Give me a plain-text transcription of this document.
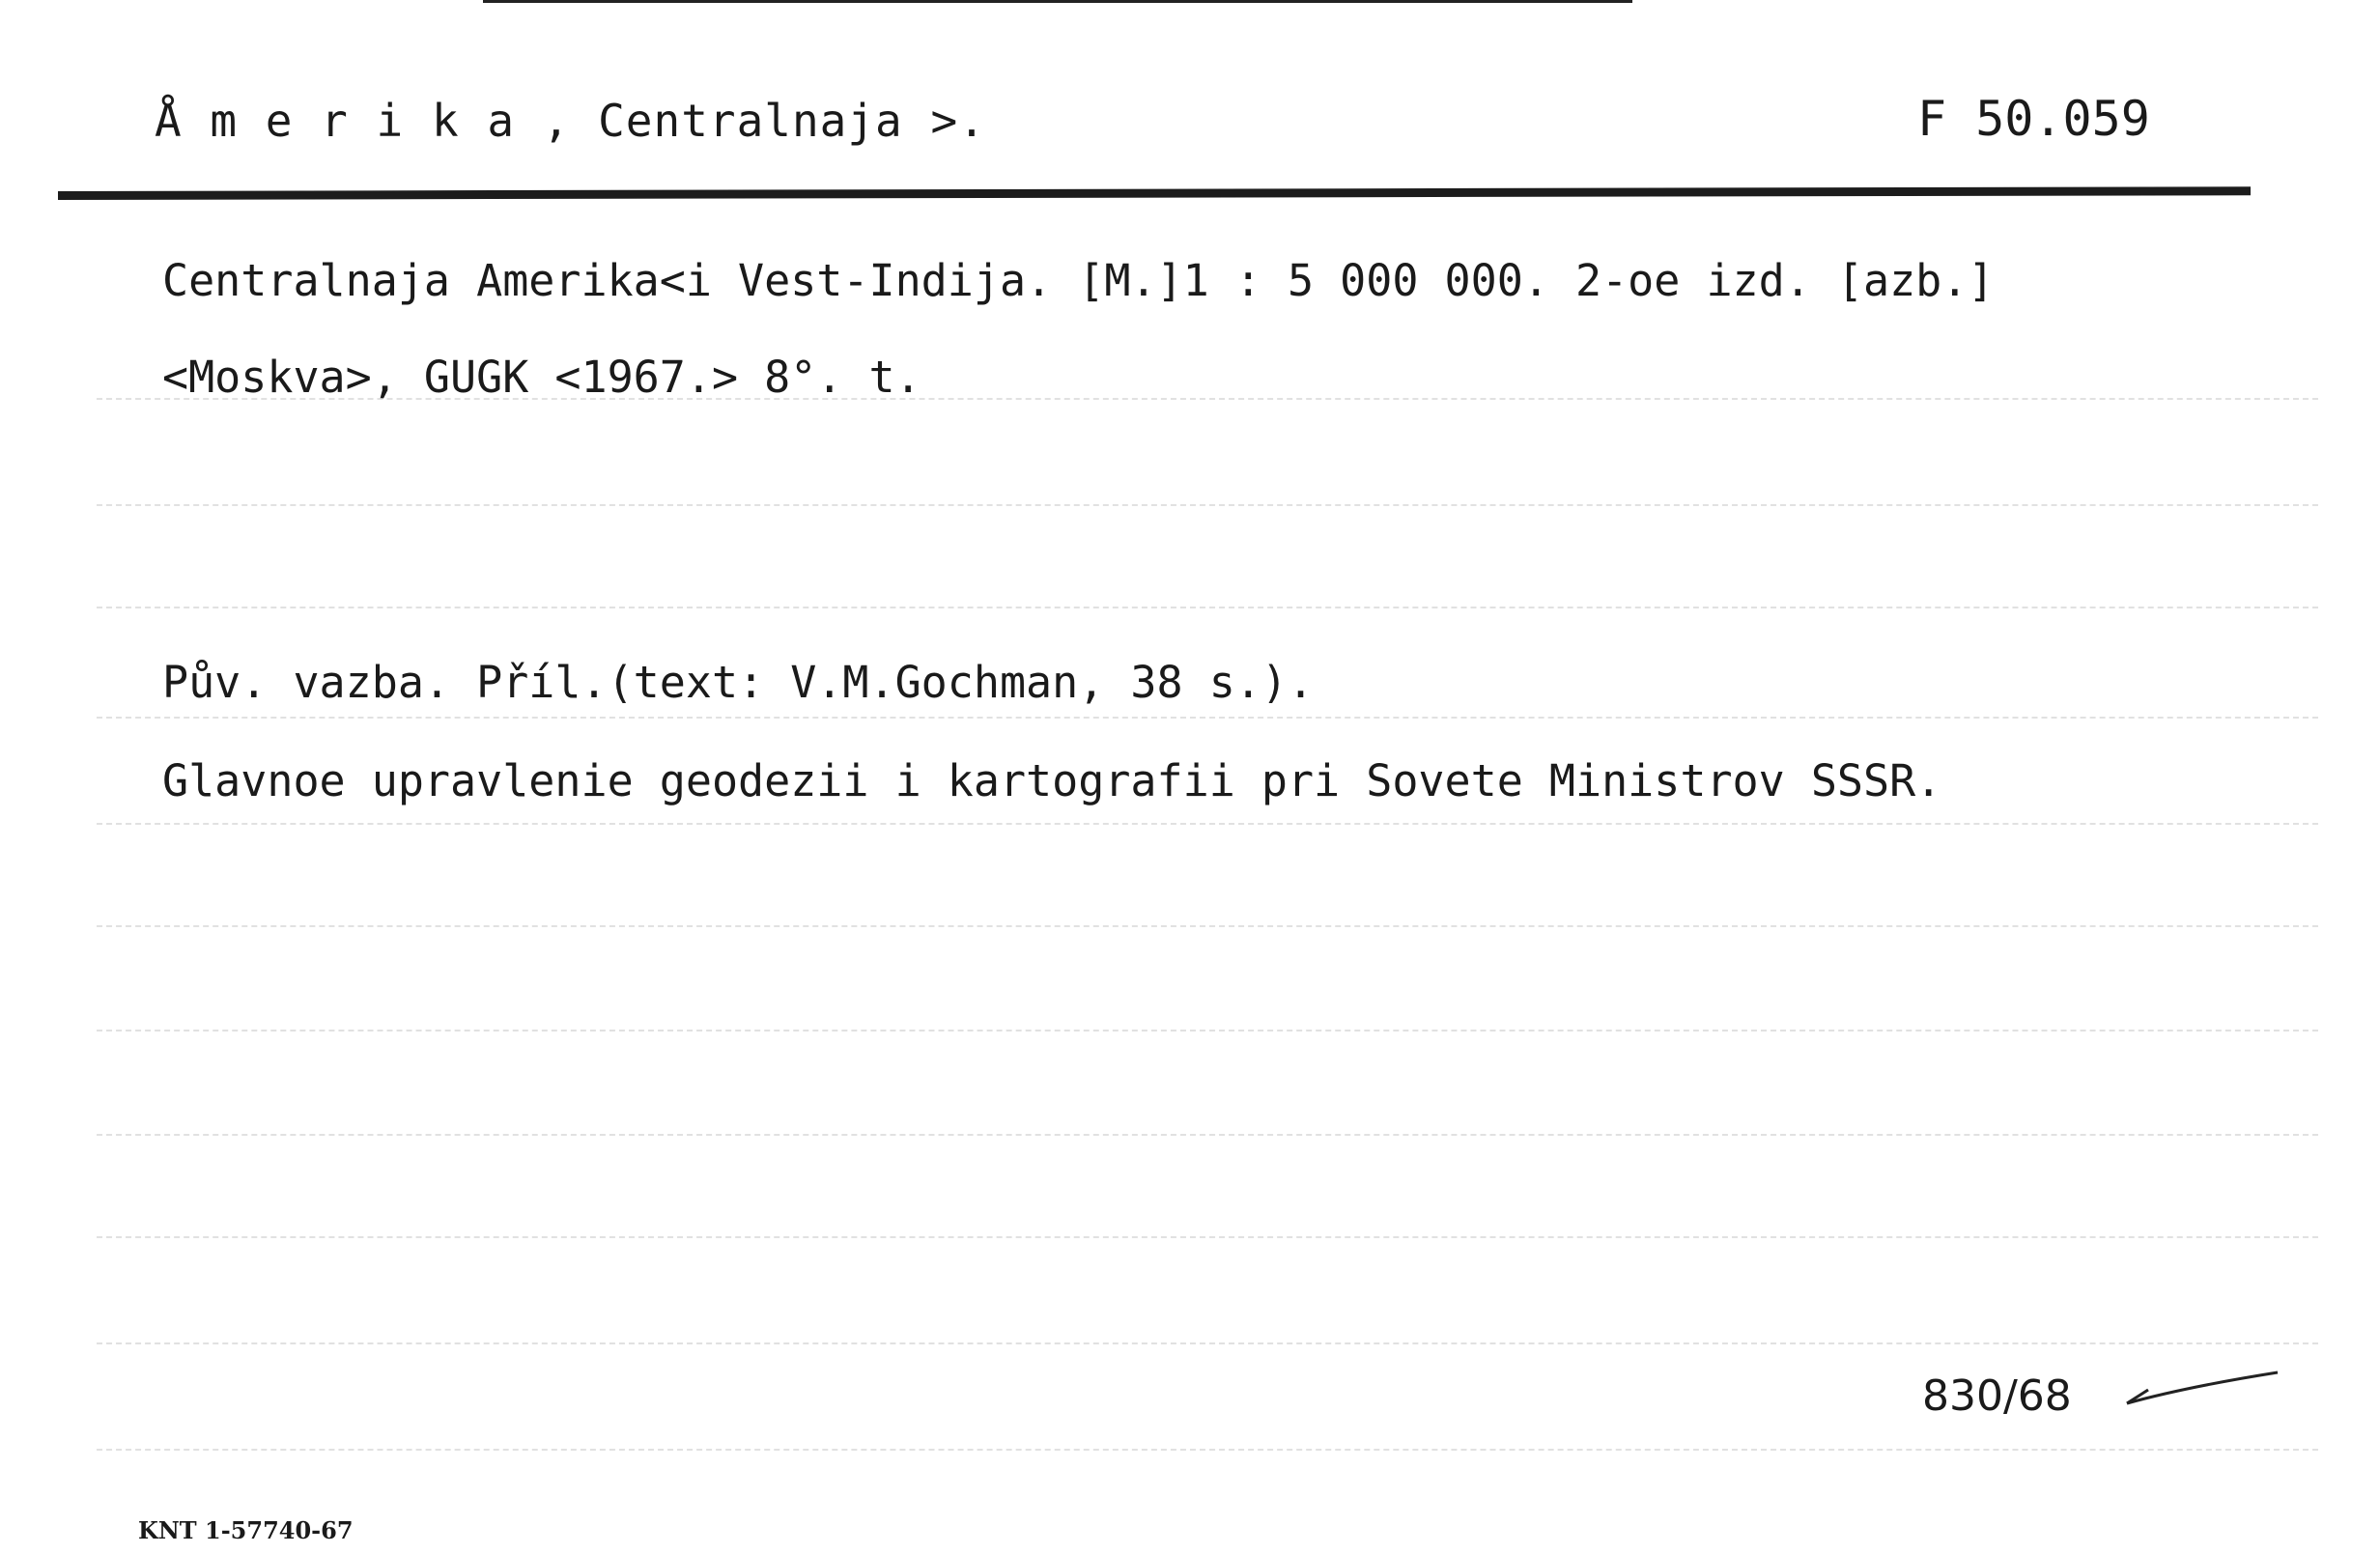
Å m e r i k a , Centralnaja >.	F 50.059
Centralnaja Amerika<i Vest-Indija. [M.]1 : 5 000 000. 2-oe izd. [azb.]
<Moskva>, GUGK <1967.> 8°. t.
Pův. vazba. Příl.(text: V.M.Gochman, 38 s.).
Glavnoe upravlenie geodezii i kartografii pri Sovete Ministrov SSSR.
830/68
KNT 1-57740-67
